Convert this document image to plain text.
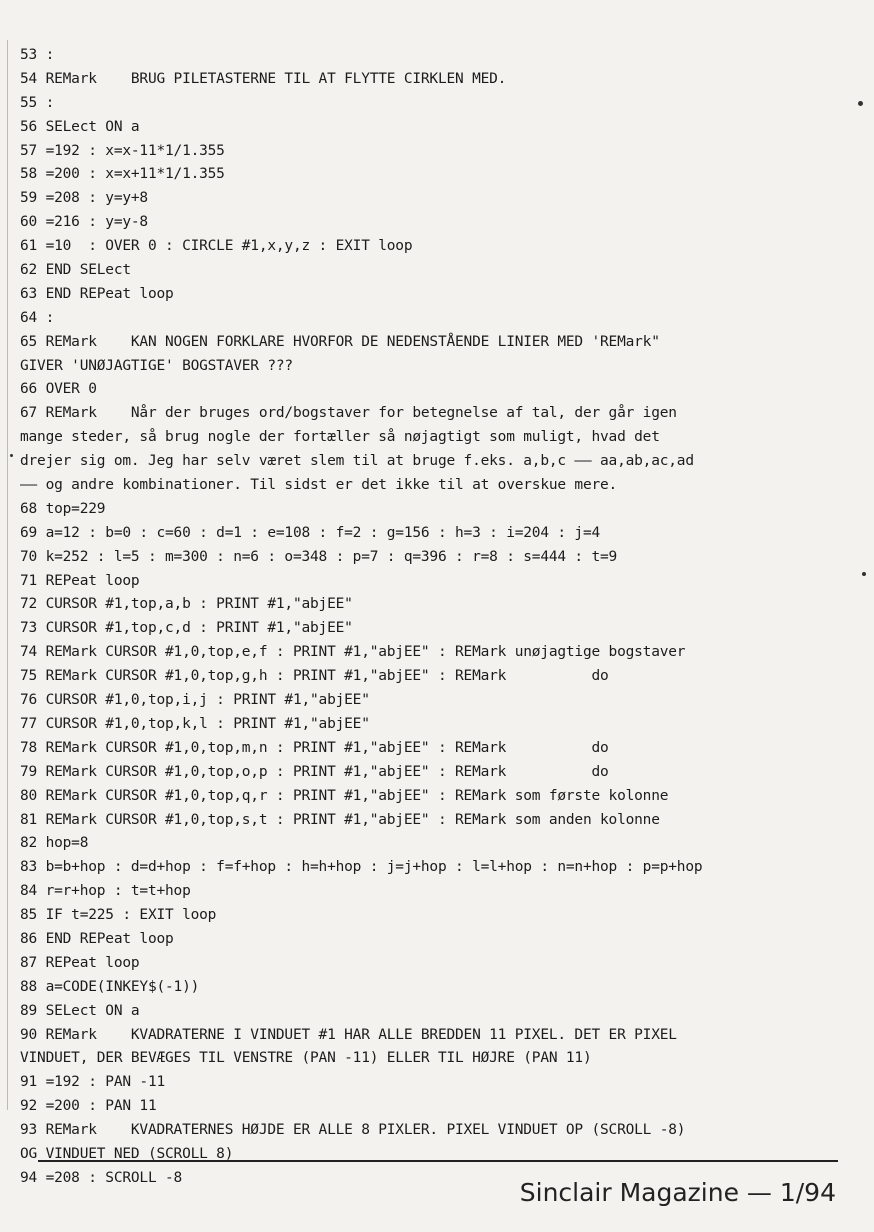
53 :
54 REMark    BRUG PILETASTERNE TIL AT FLYTTE CIRKLEN MED.
55 :
56 SELect ON a
57 =192 : x=x-11*1/1.355
58 =200 : x=x+11*1/1.355
59 =208 : y=y+8
60 =216 : y=y-8
61 =10  : OVER 0 : CIRCLE #1,x,y,z : EXIT loop
62 END SELect
63 END REPeat loop
64 :
65 REMark    KAN NOGEN FORKLARE HVORFOR DE NEDENSTÅENDE LINIER MED 'REMark"
GIVER 'UNØJAGTIGE' BOGSTAVER ???
66 OVER 0
67 REMark    Når der bruges ord/bogstaver for betegnelse af tal, der går igen
mange steder, så brug nogle der fortæller så nøjagtigt som muligt, hvad det
drejer sig om. Jeg har selv været slem til at bruge f.eks. a,b,c —— aa,ab,ac,ad
—— og andre kombinationer. Til sidst er det ikke til at overskue mere.
68 top=229
69 a=12 : b=0 : c=60 : d=1 : e=108 : f=2 : g=156 : h=3 : i=204 : j=4
70 k=252 : l=5 : m=300 : n=6 : o=348 : p=7 : q=396 : r=8 : s=444 : t=9
71 REPeat loop
72 CURSOR #1,top,a,b : PRINT #1,"abjEE"
73 CURSOR #1,top,c,d : PRINT #1,"abjEE"
74 REMark CURSOR #1,0,top,e,f : PRINT #1,"abjEE" : REMark unøjagtige bogstaver
75 REMark CURSOR #1,0,top,g,h : PRINT #1,"abjEE" : REMark          do
76 CURSOR #1,0,top,i,j : PRINT #1,"abjEE"
77 CURSOR #1,0,top,k,l : PRINT #1,"abjEE"
78 REMark CURSOR #1,0,top,m,n : PRINT #1,"abjEE" : REMark          do
79 REMark CURSOR #1,0,top,o,p : PRINT #1,"abjEE" : REMark          do
80 REMark CURSOR #1,0,top,q,r : PRINT #1,"abjEE" : REMark som første kolonne
81 REMark CURSOR #1,0,top,s,t : PRINT #1,"abjEE" : REMark som anden kolonne
82 hop=8
83 b=b+hop : d=d+hop : f=f+hop : h=h+hop : j=j+hop : l=l+hop : n=n+hop : p=p+hop
84 r=r+hop : t=t+hop
85 IF t=225 : EXIT loop
86 END REPeat loop
87 REPeat loop
88 a=CODE(INKEY$(-1))
89 SELect ON a
90 REMark    KVADRATERNE I VINDUET #1 HAR ALLE BREDDEN 11 PIXEL. DET ER PIXEL
VINDUET, DER BEVÆGES TIL VENSTRE (PAN -11) ELLER TIL HØJRE (PAN 11)
91 =192 : PAN -11
92 =200 : PAN 11
93 REMark    KVADRATERNES HØJDE ER ALLE 8 PIXLER. PIXEL VINDUET OP (SCROLL -8)
OG VINDUET NED (SCROLL 8)
94 =208 : SCROLL -8
Sinclair Magazine — 1/94
